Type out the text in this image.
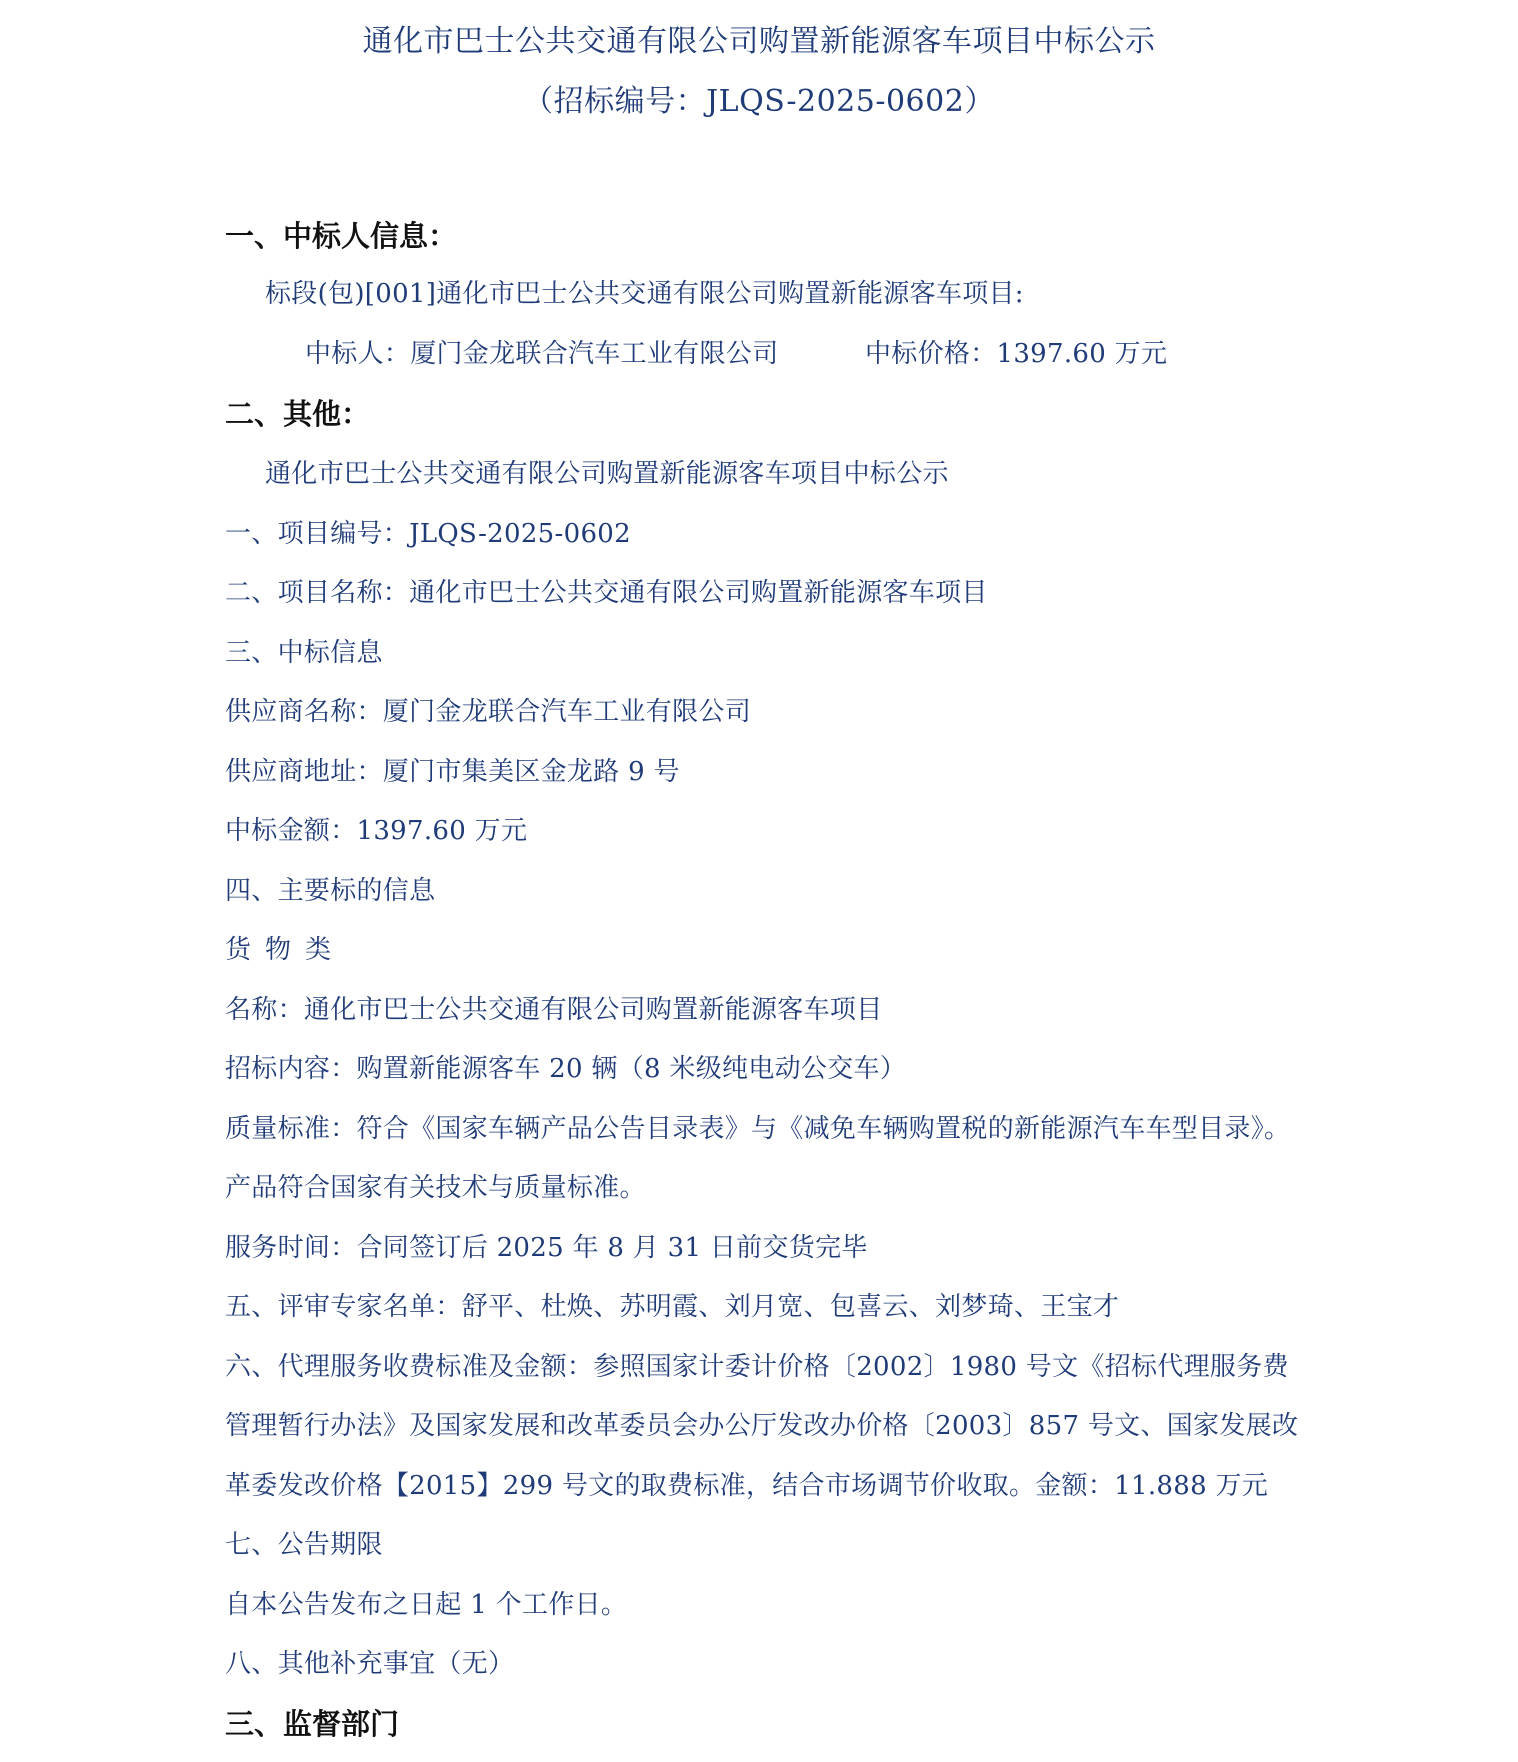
通化市巴士公共交通有限公司购置新能源客车项目中标公示
（招标编号：JLQS-2025-0602）
一、中标人信息：
标段(包)[001]通化市巴士公共交通有限公司购置新能源客车项目:
中标人：厦门金龙联合汽车工业有限公司	中标价格：1397.60 万元
二、其他：
通化市巴士公共交通有限公司购置新能源客车项目中标公示
一、项目编号：JLQS-2025-0602
二、项目名称：通化市巴士公共交通有限公司购置新能源客车项目
三、中标信息
供应商名称：厦门金龙联合汽车工业有限公司
供应商地址：厦门市集美区金龙路 9 号
中标金额：1397.60 万元
四、主要标的信息
货物类
名称：通化市巴士公共交通有限公司购置新能源客车项目
招标内容：购置新能源客车 20 辆（8 米级纯电动公交车）
质量标准：符合《国家车辆产品公告目录表》与《减免车辆购置税的新能源汽车车型目录》。
产品符合国家有关技术与质量标准。
服务时间：合同签订后 2025 年 8 月 31 日前交货完毕
五、评审专家名单：舒平、杜焕、苏明霞、刘月宽、包喜云、刘梦琦、王宝才
六、代理服务收费标准及金额：参照国家计委计价格〔2002〕1980 号文《招标代理服务费
管理暂行办法》及国家发展和改革委员会办公厅发改办价格〔2003〕857 号文、国家发展改
革委发改价格【2015】299 号文的取费标准，结合市场调节价收取。金额：11.888 万元
七、公告期限
自本公告发布之日起 1 个工作日。
八、其他补充事宜（无）
三、监督部门
